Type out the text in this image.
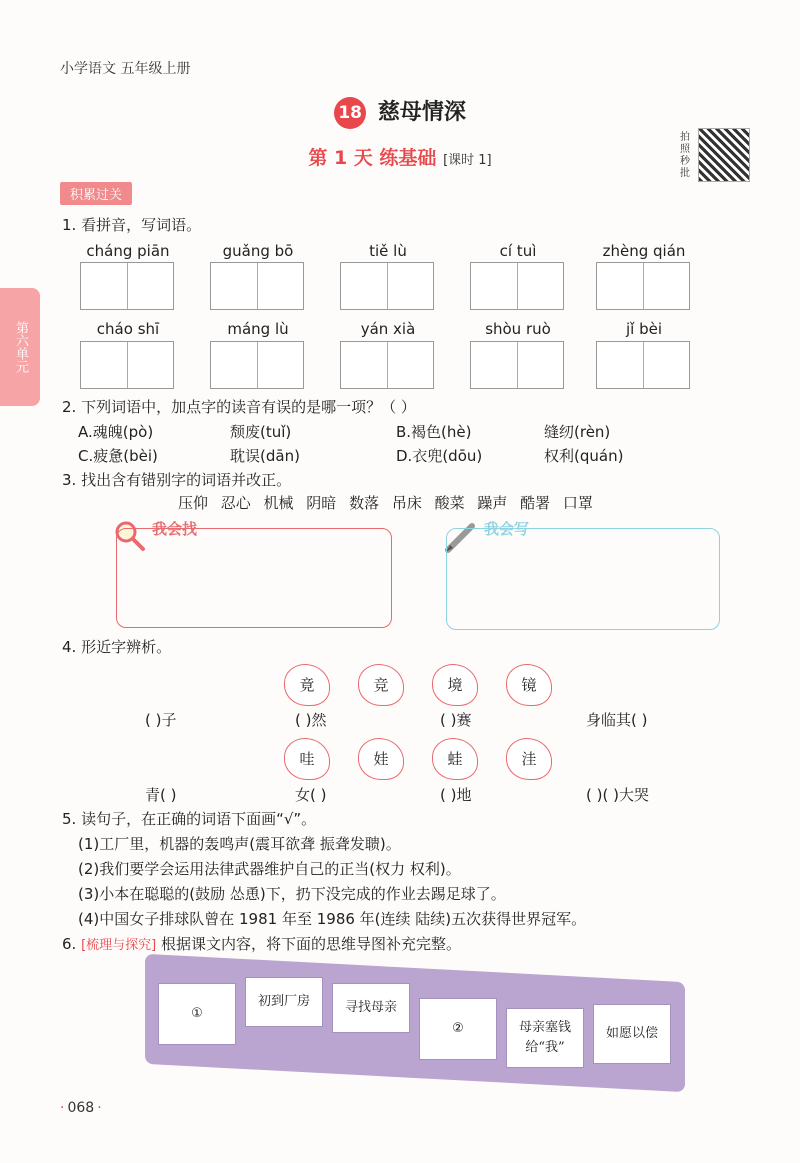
小学语文 五年级上册
18 慈母情深
第 1 天 练基础 [课时 1]
拍照秒批
积累过关
第六单元
1. 看拼音，写词语。
cháng piān	guǎng bō	tiě lù	cí tuì	zhèng qián
cháo shī	máng lù	yán xià	shòu ruò	jǐ bèi
2. 下列词语中，加点字的读音有误的是哪一项？（ ）
A.魂魄(pò)	颓废(tuǐ)	B.褐色(hè)	缝纫(rèn)
C.疲惫(bèi)	耽误(dān)	D.衣兜(dōu)	权利(quán)
3. 找出含有错别字的词语并改正。
压仰 忍心 机械 阴暗 数落 吊床 酸菜 躁声 酷署 口罩
我会找	我会写
4. 形近字辨析。
竟	竞	境	镜
( )子	( )然	( )赛	身临其( )
哇	娃	蛙	洼
青( )	女( )	( )地	( )( )大哭
5. 读句子，在正确的词语下面画“√”。
(1)工厂里，机器的轰鸣声(震耳欲聋 振聋发聩)。
(2)我们要学会运用法律武器维护自己的正当(权力 权利)。
(3)小本在聪聪的(鼓励 怂恿)下，扔下没完成的作业去踢足球了。
(4)中国女子排球队曾在 1981 年至 1986 年(连续 陆续)五次获得世界冠军。
6. [梳理与探究] 根据课文内容，将下面的思维导图补充完整。
①
初到厂房	寻找母亲
②	母亲塞钱给“我”
如愿以偿
· 068 ·
